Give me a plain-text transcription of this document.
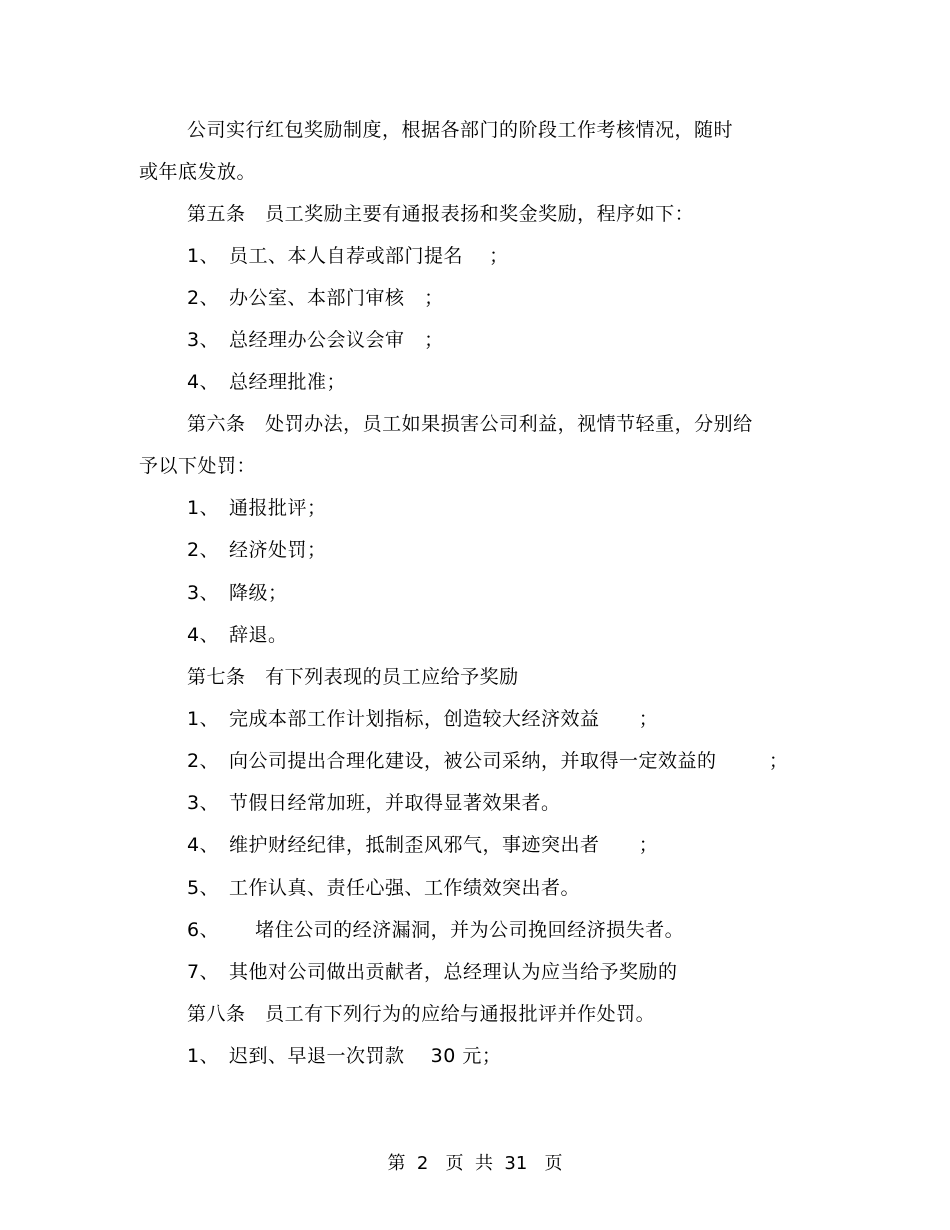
公司实行红包奖励制度，根据各部门的阶段工作考核情况，随时
或年底发放。
第五条   员工奖励主要有通报表扬和奖金奖励，程序如下：
1、 员工、本人自荐或部门提名    ；
2、 办公室、本部门审核   ；
3、 总经理办公会议会审   ；
4、 总经理批准；
第六条   处罚办法，员工如果损害公司利益，视情节轻重，分别给
予以下处罚：
1、 通报批评；
2、 经济处罚；
3、 降级；
4、 辞退。
第七条   有下列表现的员工应给予奖励
1、 完成本部工作计划指标，创造较大经济效益      ；
2、 向公司提出合理化建设，被公司采纳，并取得一定效益的        ；
3、 节假日经常加班，并取得显著效果者。
4、 维护财经纪律，抵制歪风邪气，事迹突出者      ；
5、 工作认真、责任心强、工作绩效突出者。
6、    堵住公司的经济漏洞，并为公司挽回经济损失者。
7、 其他对公司做出贡献者，总经理认为应当给予奖励的
第八条   员工有下列行为的应给与通报批评并作处罚。
1、 迟到、早退一次罚款    30 元；
第  2   页  共  31   页
